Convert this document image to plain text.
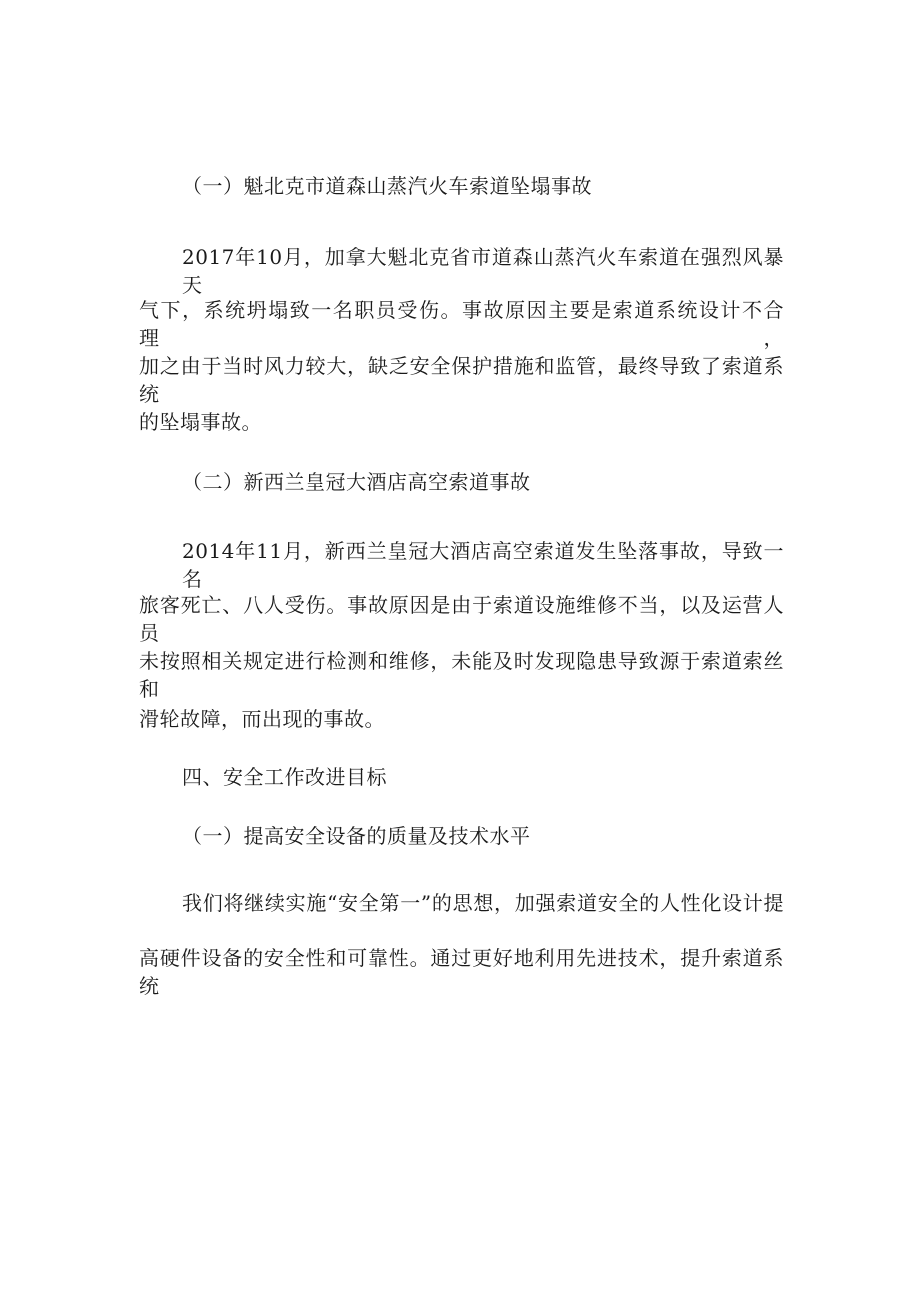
（一）魁北克市道森山蒸汽火车索道坠塌事故
2017年10月，加拿大魁北克省市道森山蒸汽火车索道在强烈风暴天
气下，系统坍塌致一名职员受伤。事故原因主要是索道系统设计不合理，
加之由于当时风力较大，缺乏安全保护措施和监管，最终导致了索道系统
的坠塌事故。
（二）新西兰皇冠大酒店高空索道事故
2014年11月，新西兰皇冠大酒店高空索道发生坠落事故，导致一名
旅客死亡、八人受伤。事故原因是由于索道设施维修不当，以及运营人员
未按照相关规定进行检测和维修，未能及时发现隐患导致源于索道索丝和
滑轮故障，而出现的事故。
四、安全工作改进目标
（一）提高安全设备的质量及技术水平
我们将继续实施“安全第一”的思想，加强索道安全的人性化设计提
高硬件设备的安全性和可靠性。通过更好地利用先进技术，提升索道系统
